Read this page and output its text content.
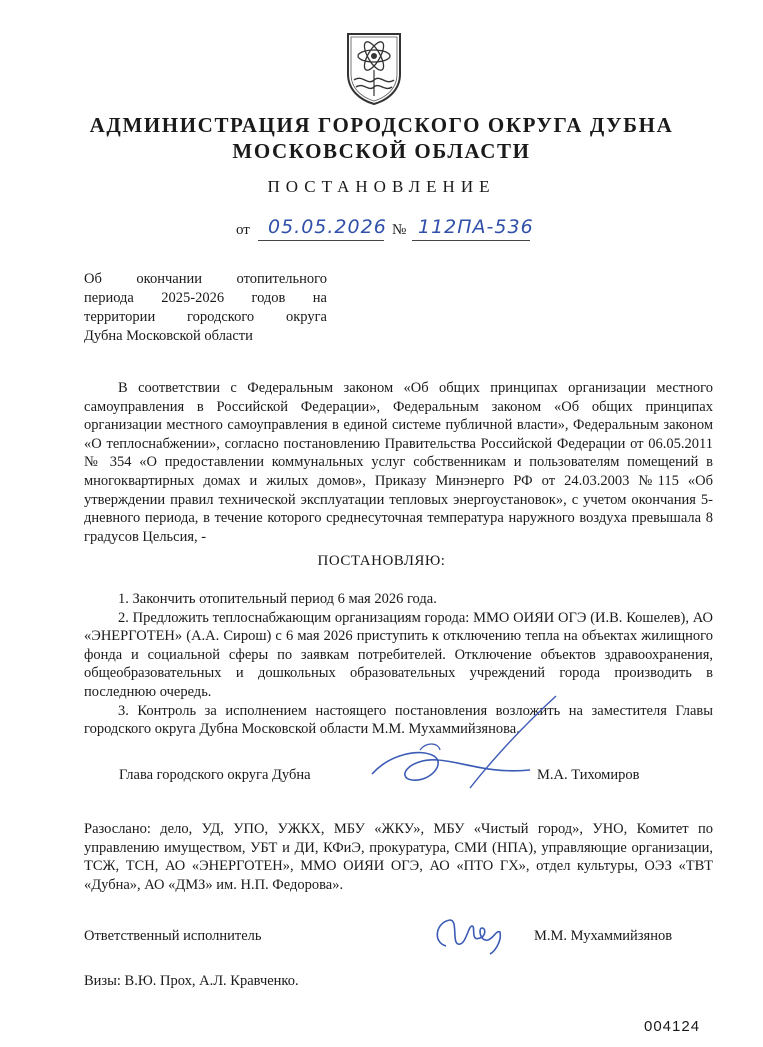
АДМИНИСТРАЦИЯ ГОРОДСКОГО ОКРУГА ДУБНА
МОСКОВСКОЙ ОБЛАСТИ
ПОСТАНОВЛЕНИЕ
от 05.05.2026 № 112ПА-536
Об окончании отопительного
периода 2025-2026 годов на
территории городского округа
Дубна Московской области
В соответствии с Федеральным законом «Об общих принципах организации местного самоуправления в Российской Федерации», Федеральным законом «Об общих принципах организации местного самоуправления в единой системе публичной власти», Федеральным законом «О теплоснабжении», согласно постановлению Правительства Российской Федерации от 06.05.2011 № 354 «О предоставлении коммунальных услуг собственникам и пользователям помещений в многоквартирных домах и жилых домов», Приказу Минэнерго РФ от 24.03.2003 №115 «Об утверждении правил технической эксплуатации тепловых энергоустановок», с учетом окончания 5-дневного периода, в течение которого среднесуточная температура наружного воздуха превышала 8 градусов Цельсия, -
ПОСТАНОВЛЯЮ:

1. Закончить отопительный период 6 мая 2026 года.

2. Предложить теплоснабжающим организациям города: ММО ОИЯИ ОГЭ (И.В. Кошелев), АО «ЭНЕРГОТЕН» (А.А. Сирош) с 6 мая 2026 приступить к отключению тепла на объектах жилищного фонда и социальной сферы по заявкам потребителей. Отключение объектов здравоохранения, общеобразовательных и дошкольных образовательных учреждений города производить в последнюю очередь.

3. Контроль за исполнением настоящего постановления возложить на заместителя Главы городского округа Дубна Московской области М.М. Мухаммийзянова.

Глава городского округа Дубна	М.А. Тихомиров
Разослано: дело, УД, УПО, УЖКХ, МБУ «ЖКУ», МБУ «Чистый город», УНО, Комитет по управлению имуществом, УБТ и ДИ, КФиЭ, прокуратура, СМИ (НПА), управляющие организации, ТСЖ, ТСН, АО «ЭНЕРГОТЕН», ММО ОИЯИ ОГЭ, АО «ПТО ГХ», отдел культуры, ОЭЗ «ТВТ «Дубна», АО «ДМЗ» им. Н.П. Федорова».
Ответственный исполнитель	М.М. Мухаммийзянов
Визы: В.Ю. Прох, А.Л. Кравченко.
004124
